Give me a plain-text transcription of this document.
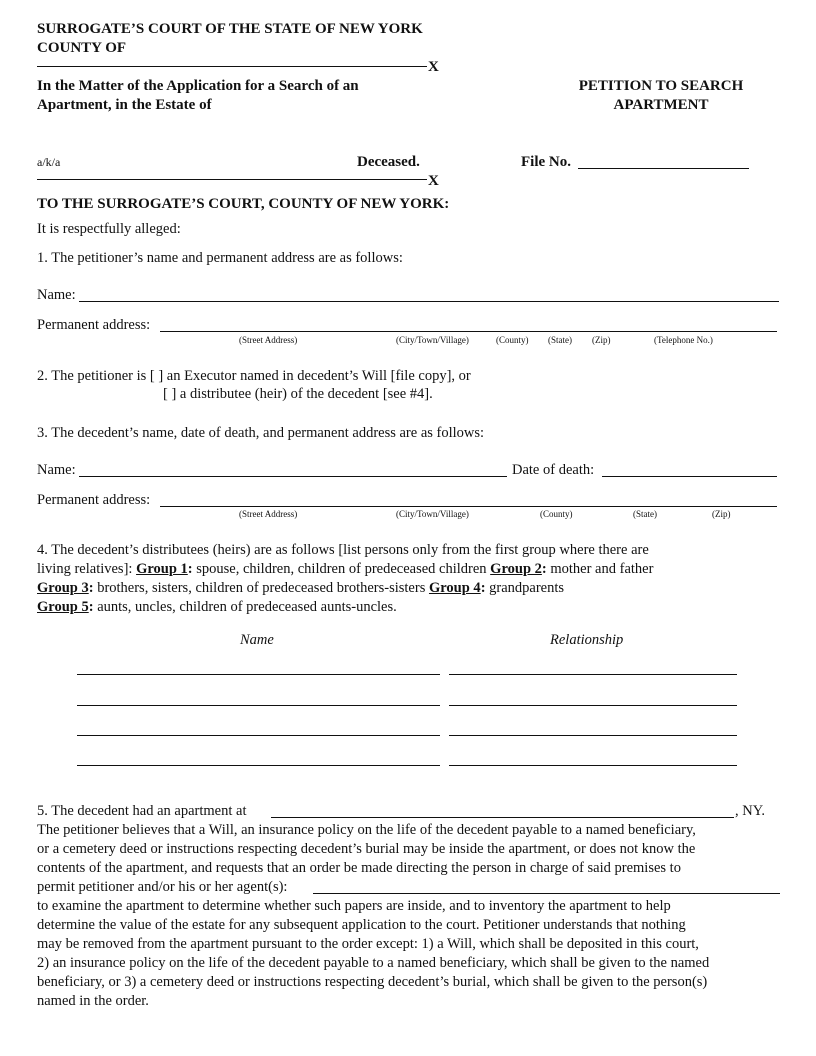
SURROGATE’S COURT OF THE STATE OF NEW YORK
COUNTY OF
X
In the Matter of the Application for a Search of an
Apartment, in the Estate of
PETITION TO SEARCH
APARTMENT
a/k/a	Deceased.	File No.
X
TO THE SURROGATE’S COURT, COUNTY OF NEW YORK:
It is respectfully alleged:
1. The petitioner’s name and permanent address are as follows:
Name:
Permanent address:
(Street Address)	(City/Town/Village)	(County) (State) (Zip)	(Telephone No.)
2. The petitioner is [ ] an Executor named in decedent’s Will [file copy], or
[ ] a distributee (heir) of the decedent [see #4].
3. The decedent’s name, date of death, and permanent address are as follows:
Name:	Date of death:
Permanent address:
(Street Address)	(City/Town/Village)	(County)	(State)	(Zip)
4. The decedent’s distributees (heirs) are as follows [list persons only from the first group where there are
living relatives]: Group 1: spouse, children, children of predeceased children Group 2: mother and father
Group 3: brothers, sisters, children of predeceased brothers-sisters Group 4: grandparents
Group 5: aunts, uncles, children of predeceased aunts-uncles.
Name	Relationship
5. The decedent had an apartment at	, NY.
The petitioner believes that a Will, an insurance policy on the life of the decedent payable to a named beneficiary,
or a cemetery deed or instructions respecting decedent’s burial may be inside the apartment, or does not know the
contents of the apartment, and requests that an order be made directing the person in charge of said premises to
permit petitioner and/or his or her agent(s):
to examine the apartment to determine whether such papers are inside, and to inventory the apartment to help
determine the value of the estate for any subsequent application to the court. Petitioner understands that nothing
may be removed from the apartment pursuant to the order except: 1) a Will, which shall be deposited in this court,
2) an insurance policy on the life of the decedent payable to a named beneficiary, which shall be given to the named
beneficiary, or 3) a cemetery deed or instructions respecting decedent’s burial, which shall be given to the person(s)
named in the order.
